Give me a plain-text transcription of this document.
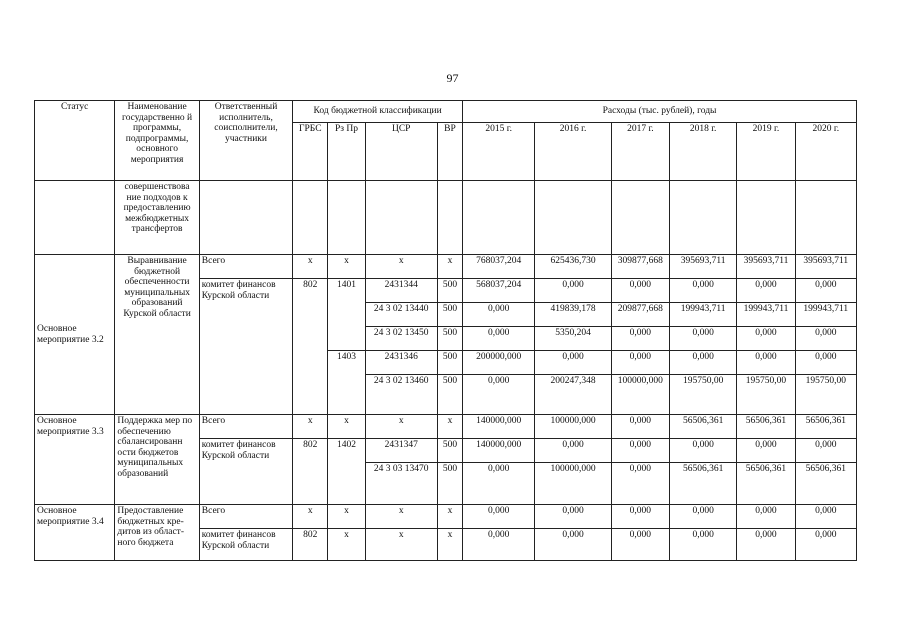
97
Статус	Наименование государственно й программы, подпрограммы, основного мероприятия	Ответственный исполнитель, соисполнители, участники	Код бюджетной классификации				Расходы (тыс. рублей), годы					
			ГРБС	Рз Пр	ЦСР	ВР	2015 г.	2016 г.	2017 г.	2018 г.	2019 г.	2020 г.
	совершенствова ние подходов к предоставлению межбюджетных трансфертов											
Основное мероприятие 3.2	Выравнивание бюджетной обеспеченности муниципальных образований Курской области	Всего	х	х	х	х	768037,204	625436,730	309877,668	395693,711	395693,711	395693,711
		комитет финансов Курской области	802	1401	2431344	500	568037,204	0,000	0,000	0,000	0,000	0,000
					24 3 02 13440	500	0,000	419839,178	209877,668	199943,711	199943,711	199943,711
					24 3 02 13450	500	0,000	5350,204	0,000	0,000	0,000	0,000
				1403	2431346	500	200000,000	0,000	0,000	0,000	0,000	0,000
					24 3 02 13460	500	0,000	200247,348	100000,000	195750,00	195750,00	195750,00
Основное мероприятие 3.3	Поддержка мер по обеспечению сбалансированн ости бюджетов муниципальных образований	Всего	х	х	х	х	140000,000	100000,000	0,000	56506,361	56506,361	56506,361
		комитет финансов Курской области	802	1402	2431347	500	140000,000	0,000	0,000	0,000	0,000	0,000
					24 3 03 13470	500	0,000	100000,000	0,000	56506,361	56506,361	56506,361
Основное мероприятие 3.4	Предоставление бюджетных кре- дитов из област- ного бюджета	Всего	х	х	х	х	0,000	0,000	0,000	0,000	0,000	0,000
		комитет финансов Курской области	802	х	х	х	0,000	0,000	0,000	0,000	0,000	0,000
